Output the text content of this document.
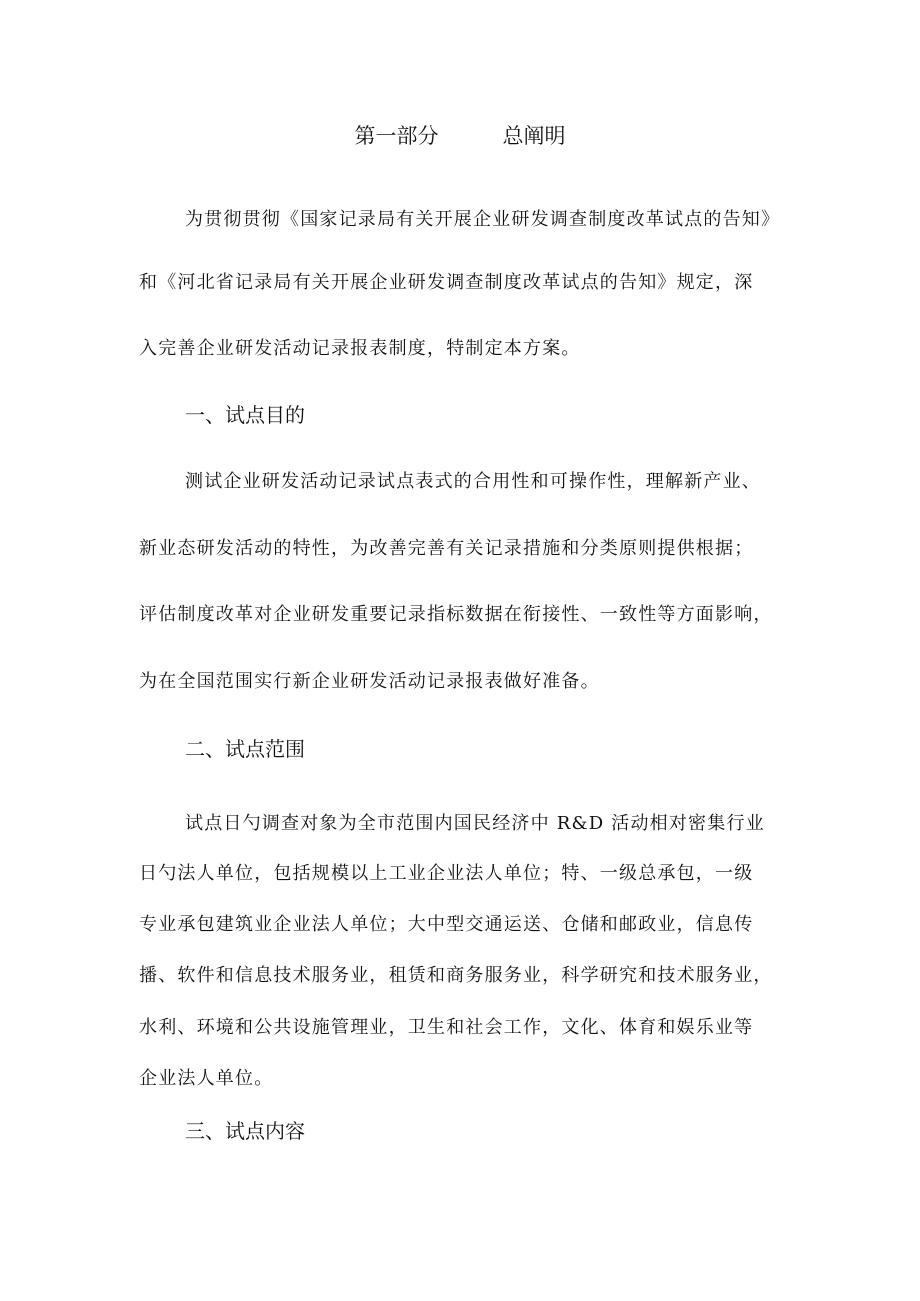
第一部分	总阐明
为贯彻贯彻《国家记录局有关开展企业研发调查制度改革试点的告知》
和《河北省记录局有关开展企业研发调查制度改革试点的告知》规定，深
入完善企业研发活动记录报表制度，特制定本方案。
一、试点目的
测试企业研发活动记录试点表式的合用性和可操作性，理解新产业、
新业态研发活动的特性，为改善完善有关记录措施和分类原则提供根据；
评估制度改革对企业研发重要记录指标数据在衔接性、一致性等方面影响，
为在全国范围实行新企业研发活动记录报表做好准备。
二、试点范围
试点日勺调查对象为全市范围内国民经济中 R&D 活动相对密集行业
日勺法人单位，包括规模以上工业企业法人单位；特、一级总承包，一级
专业承包建筑业企业法人单位；大中型交通运送、仓储和邮政业，信息传
播、软件和信息技术服务业，租赁和商务服务业，科学研究和技术服务业，
水利、环境和公共设施管理业，卫生和社会工作，文化、体育和娱乐业等
企业法人单位。
三、试点内容
